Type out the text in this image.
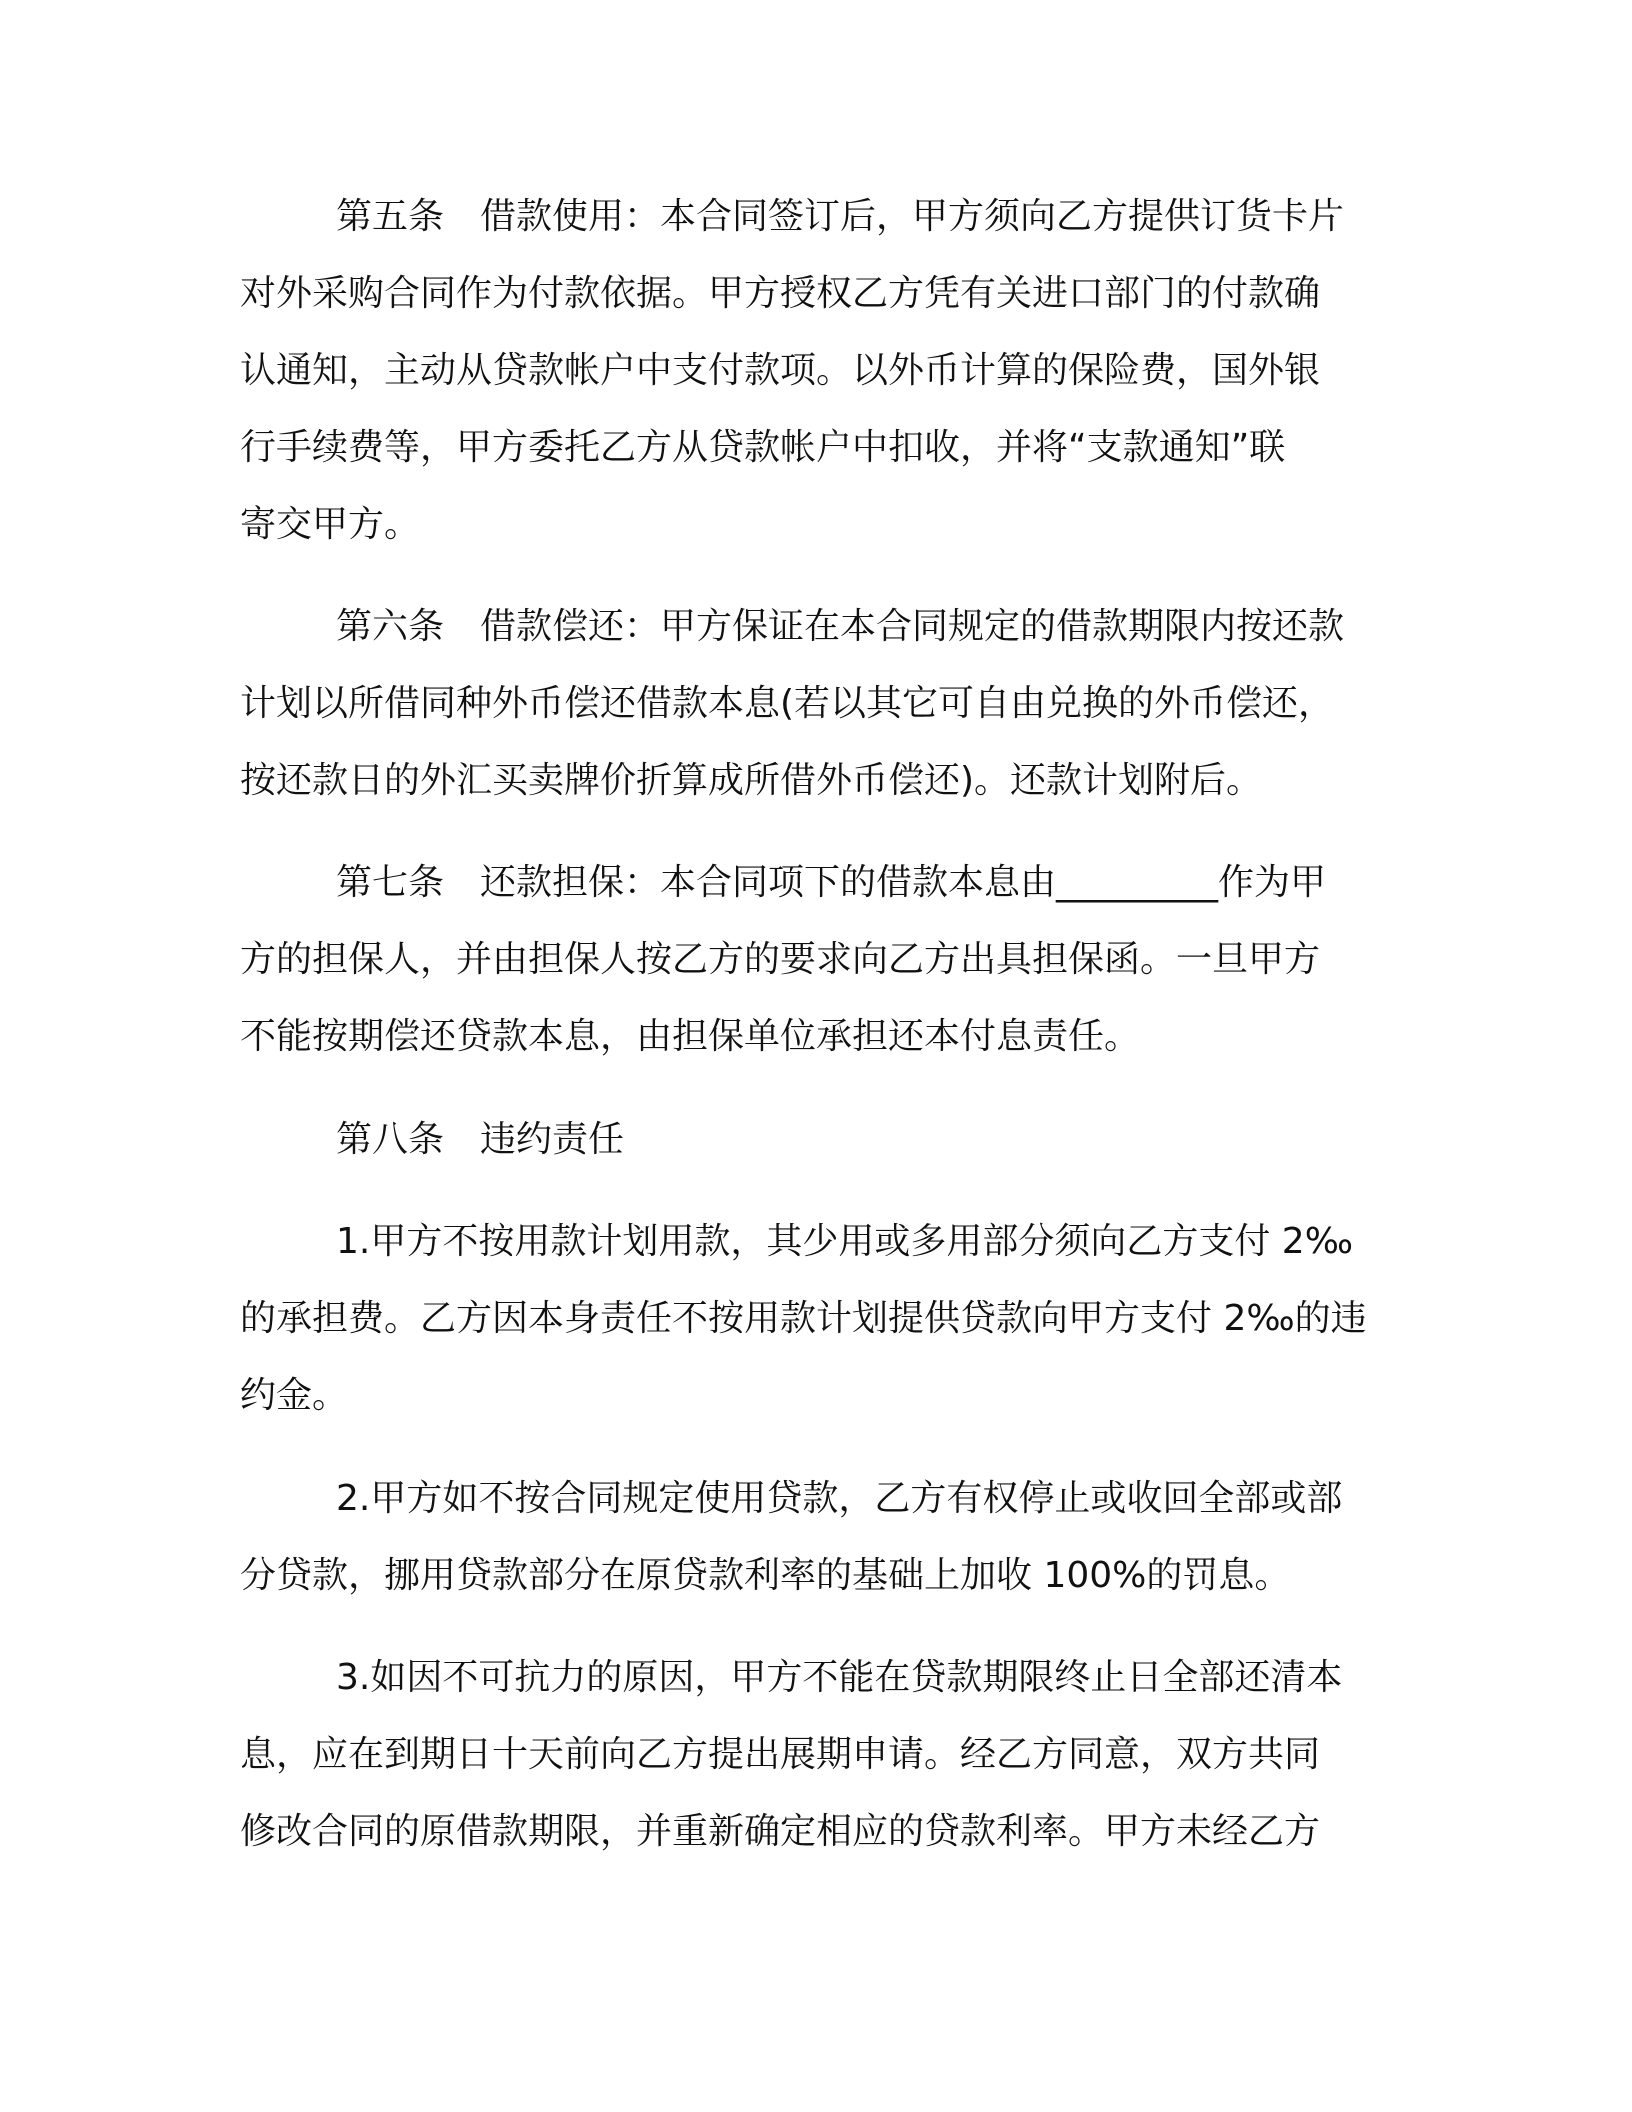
第五条　借款使用：本合同签订后，甲方须向乙方提供订货卡片
对外采购合同作为付款依据。甲方授权乙方凭有关进口部门的付款确
认通知，主动从贷款帐户中支付款项。以外币计算的保险费，国外银
行手续费等，甲方委托乙方从贷款帐户中扣收，并将“支款通知”联
寄交甲方。
第六条　借款偿还：甲方保证在本合同规定的借款期限内按还款
计划以所借同种外币偿还借款本息(若以其它可自由兑换的外币偿还，
按还款日的外汇买卖牌价折算成所借外币偿还)。还款计划附后。
第七条　还款担保：本合同项下的借款本息由_________作为甲
方的担保人，并由担保人按乙方的要求向乙方出具担保函。一旦甲方
不能按期偿还贷款本息，由担保单位承担还本付息责任。
第八条　违约责任
1.甲方不按用款计划用款，其少用或多用部分须向乙方支付 2‰
的承担费。乙方因本身责任不按用款计划提供贷款向甲方支付 2‰的违
约金。
2.甲方如不按合同规定使用贷款，乙方有权停止或收回全部或部
分贷款，挪用贷款部分在原贷款利率的基础上加收 100%的罚息。
3.如因不可抗力的原因，甲方不能在贷款期限终止日全部还清本
息，应在到期日十天前向乙方提出展期申请。经乙方同意，双方共同
修改合同的原借款期限，并重新确定相应的贷款利率。甲方未经乙方
